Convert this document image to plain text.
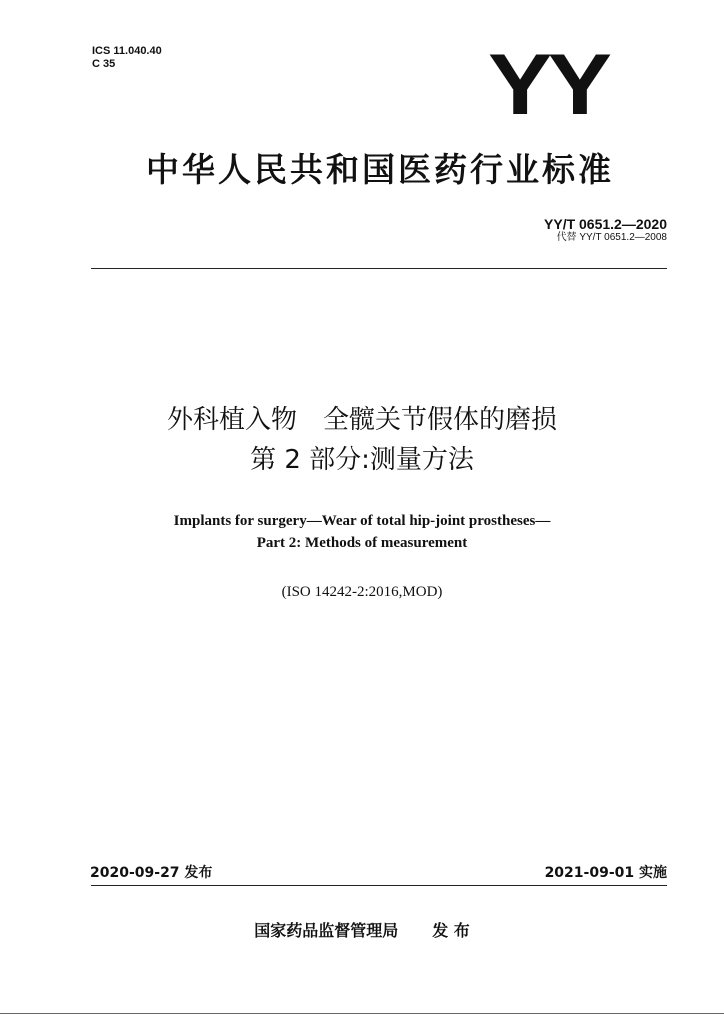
ICS 11.040.40
C 35	YY
中华人民共和国医药行业标准
YY/T 0651.2—2020
代替 YY/T 0651.2—2008
外科植入物　全髋关节假体的磨损
第 2 部分:测量方法
Implants for surgery—Wear of total hip-joint prostheses—
Part 2: Methods of measurement
(ISO 14242-2:2016,MOD)
2020-09-27 发布	2021-09-01 实施
国家药品监督管理局 发 布
